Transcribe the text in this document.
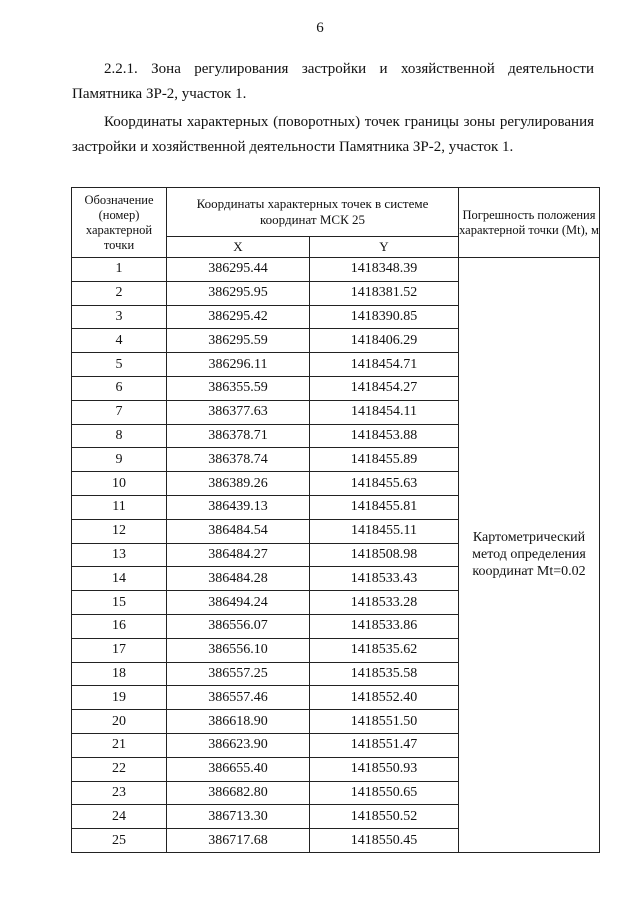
6

2.2.1. Зона регулирования застройки и хозяйственной деятельности Памятника ЗР-2, участок 1.

Координаты характерных (поворотных) точек границы зоны регулирования застройки и хозяйственной деятельности Памятника ЗР-2, участок 1.

Обозначение (номер) характерной точки	Координаты характерных точек в системе координат МСК 25		Погрешность положения характерной точки (Mt), м
	X	Y	
1	386295.44	1418348.39	Картометрический метод определения координат Mt=0.02
2	386295.95	1418381.52	
3	386295.42	1418390.85	
4	386295.59	1418406.29	
5	386296.11	1418454.71	
6	386355.59	1418454.27	
7	386377.63	1418454.11	
8	386378.71	1418453.88	
9	386378.74	1418455.89	
10	386389.26	1418455.63	
11	386439.13	1418455.81	
12	386484.54	1418455.11	
13	386484.27	1418508.98	
14	386484.28	1418533.43	
15	386494.24	1418533.28	
16	386556.07	1418533.86	
17	386556.10	1418535.62	
18	386557.25	1418535.58	
19	386557.46	1418552.40	
20	386618.90	1418551.50	
21	386623.90	1418551.47	
22	386655.40	1418550.93	
23	386682.80	1418550.65	
24	386713.30	1418550.52	
25	386717.68	1418550.45	
